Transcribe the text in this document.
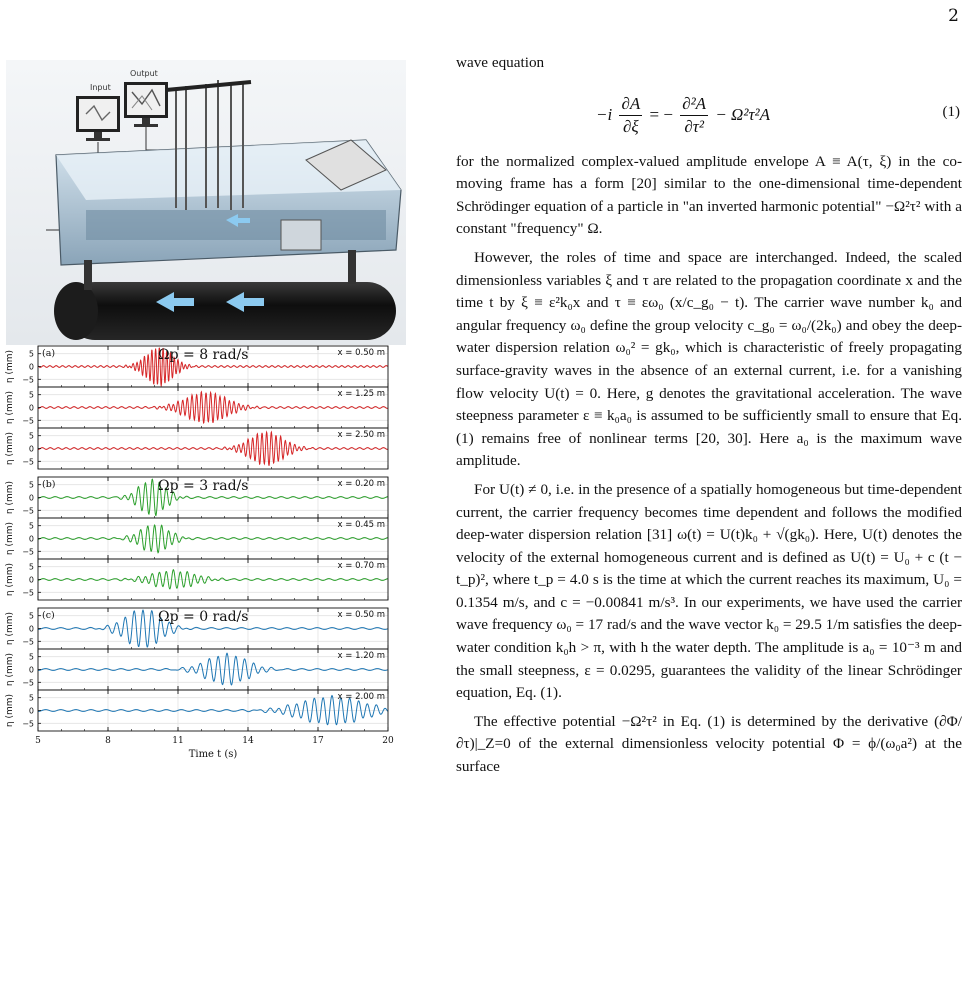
2
Input
Output
5
0
−5
η (mm)	x = 0.50 m
(a)	Ωp = 8 rad/s
5
0
−5
η (mm)	x = 1.25 m
5
0
−5
η (mm)	x = 2.50 m
5
0
−5
η (mm)	x = 0.20 m
(b)	Ωp = 3 rad/s
5
0
−5
η (mm)	x = 0.45 m
5
0
−5
η (mm)	x = 0.70 m
5
0
−5
η (mm)	x = 0.50 m
(c)	Ωp = 0 rad/s
5
0
−5
η (mm)	x = 1.20 m
5
0
−5
η (mm)	x = 2.00 m
5	8	11	14	17	20
Time t (s)

wave equation

$-i \frac{\partial A}{\partial\xi}$ = − $\frac{\text{∂²A}}{\text{∂τ²}} - \Omega^2\tau^2A$	(1)

for the normalized complex-valued amplitude envelope A ≡ A(τ, ξ) in the co-moving frame has a form [20] similar to the one-dimensional time-dependent Schrödinger equation of a particle in "an inverted harmonic potential" −Ω²τ² with a constant "frequency" Ω.

However, the roles of time and space are interchanged. Indeed, the scaled dimensionless variables ξ and τ are related to the propagation coordinate x and the time t by ξ ≡ ε²k₀x and τ ≡ εω₀ (x/c_g₀ − t). The carrier wave number k₀ and angular frequency ω₀ define the group velocity c_g₀ = ω₀/(2k₀) and obey the deep-water dispersion relation ω₀² = gk₀, which is characteristic of freely propagating surface-gravity waves in the absence of an external current, i.e. for a vanishing flow velocity U(t) = 0. Here, g denotes the gravitational acceleration. The wave steepness parameter ε ≡ k₀a₀ is assumed to be sufficiently small to ensure that Eq. (1) remains free of nonlinear terms [20, 30]. Here a₀ is the maximum wave amplitude.

For U(t) ≠ 0, i.e. in the presence of a spatially homogeneous but time-dependent current, the carrier frequency becomes time dependent and follows the modified deep-water dispersion relation [31] ω(t) = U(t)k₀ + √(gk₀). Here, U(t) denotes the velocity of the external homogeneous current and is defined as U(t) = U₀ + c (t − t_p)², where t_p = 4.0 s is the time at which the current reaches its maximum, U₀ = 0.1354 m/s, and c = −0.00841 m/s³. In our experiments, we have used the carrier wave frequency ω₀ = 17 rad/s and the wave vector k₀ = 29.5 1/m satisfies the deep-water condition k₀h > π, with h the water depth. The amplitude is a₀ = 10⁻³ m and the small steepness, ε = 0.0295, guarantees the validity of the linear Schrödinger equation, Eq. (1).

The effective potential −Ω²τ² in Eq. (1) is determined by the derivative (∂Φ/∂τ)|_Z=0 of the external dimensionless velocity potential Φ = ϕ/(ω₀a²) at the surface
